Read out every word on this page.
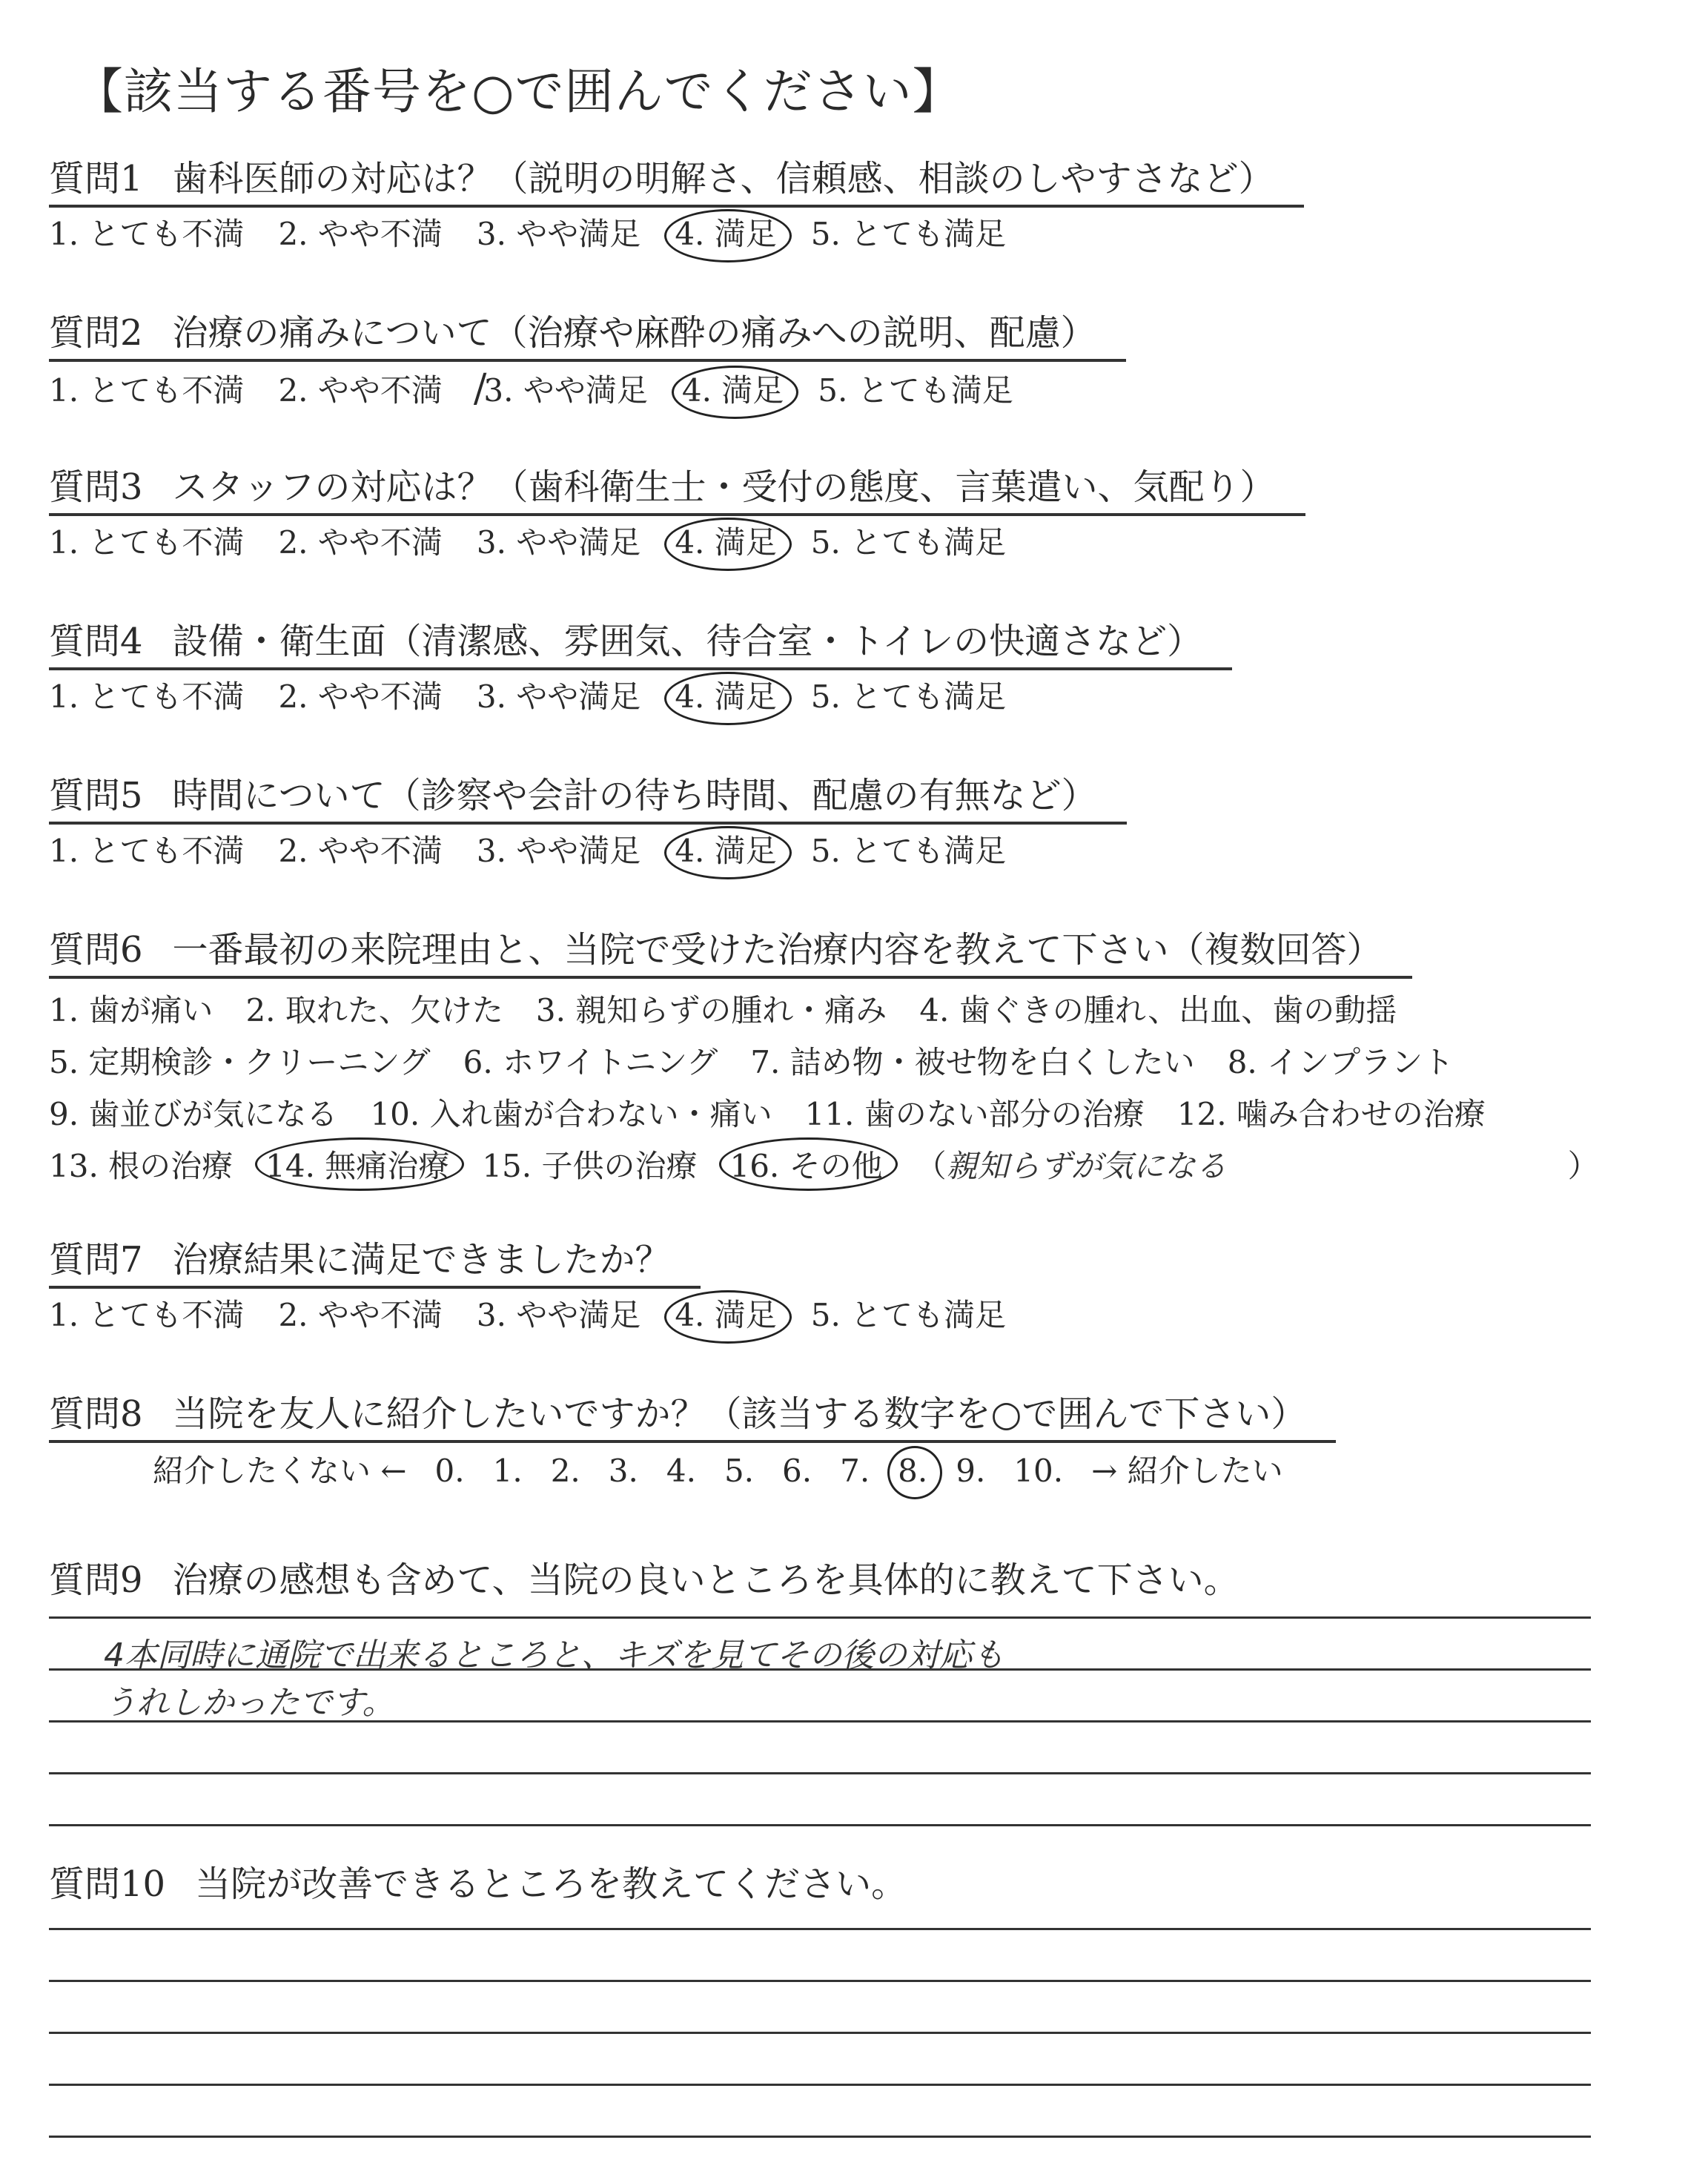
【該当する番号を○で囲んでください】
質問1 歯科医師の対応は？（説明の明解さ、信頼感、相談のしやすさなど）
1. とても不満 2. やや不満 3. やや満足 4. 満足 5. とても満足
質問2 治療の痛みについて（治療や麻酔の痛みへの説明、配慮）
1. とても不満 2. やや不満 /3. やや満足 4. 満足 5. とても満足
質問3 スタッフの対応は？（歯科衛生士・受付の態度、言葉遣い、気配り）
1. とても不満 2. やや不満 3. やや満足 4. 満足 5. とても満足
質問4 設備・衛生面（清潔感、雰囲気、待合室・トイレの快適さなど）
1. とても不満 2. やや不満 3. やや満足 4. 満足 5. とても満足
質問5 時間について（診察や会計の待ち時間、配慮の有無など）
1. とても不満 2. やや不満 3. やや満足 4. 満足 5. とても満足
質問6 一番最初の来院理由と、当院で受けた治療内容を教えて下さい（複数回答）
1. 歯が痛い 2. 取れた、欠けた 3. 親知らずの腫れ・痛み 4. 歯ぐきの腫れ、出血、歯の動揺
5. 定期検診・クリーニング 6. ホワイトニング 7. 詰め物・被せ物を白くしたい 8. インプラント
9. 歯並びが気になる 10. 入れ歯が合わない・痛い 11. 歯のない部分の治療 12. 噛み合わせの治療
13. 根の治療 14. 無痛治療 15. 子供の治療 16. その他 （親知らずが気になる	）
質問7 治療結果に満足できましたか？
1. とても不満 2. やや不満 3. やや満足 4. 満足 5. とても満足
質問8 当院を友人に紹介したいですか？（該当する数字を○で囲んで下さい）
紹介したくない ← 0. 1. 2. 3. 4. 5. 6. 7. 8. 9. 10. → 紹介したい
質問9 治療の感想も含めて、当院の良いところを具体的に教えて下さい。
4本同時に通院で出来るところと、キズを見てその後の対応も
うれしかったです。
質問10 当院が改善できるところを教えてください。
